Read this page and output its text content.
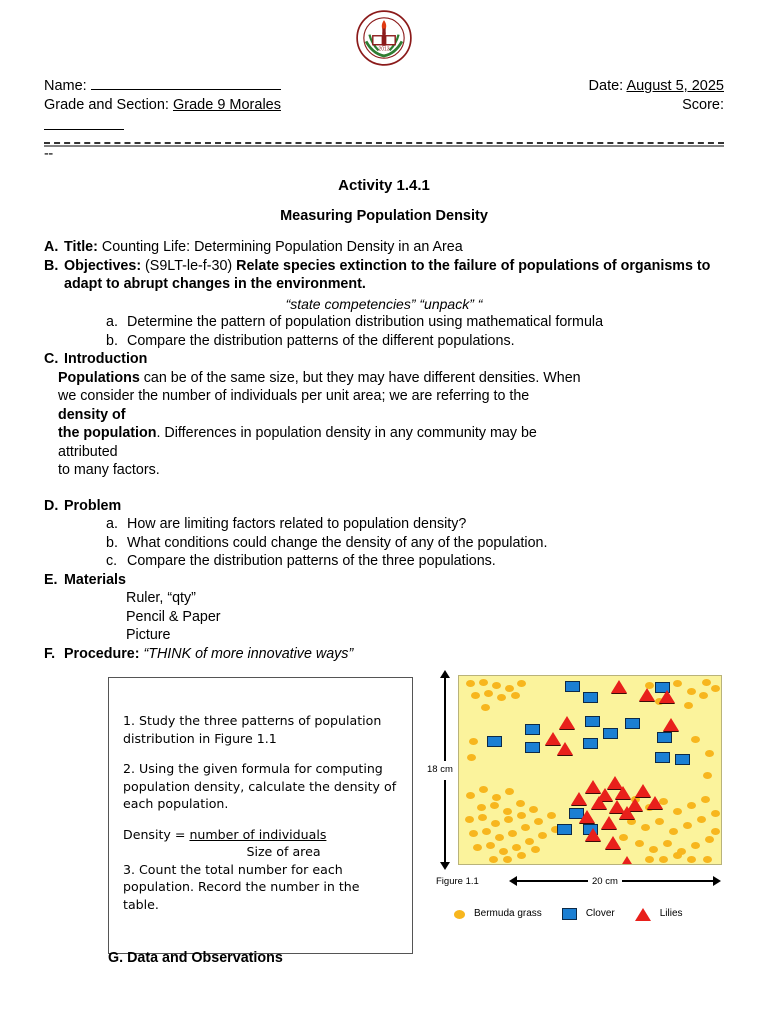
2013
Name:	Date: August 5, 2025
Grade and Section: Grade 9 Morales	Score:
--
Activity 1.4.1
Measuring Population Density
A. Title: Counting Life: Determining Population Density in an Area
B. Objectives: (S9LT-le-f-30) Relate species extinction to the failure of populations of organisms to adapt to abrupt changes in the environment.
“state competencies” “unpack” “
a. Determine the pattern of population distribution using mathematical formula
b. Compare the distribution patterns of the different populations.
C. Introduction
Populations can be of the same size, but they may have different densities. When
we consider the number of individuals per unit area; we are referring to the
density of
the population. Differences in population density in any community may be
attributed
to many factors.
D. Problem
a. How are limiting factors related to population density?
b. What conditions could change the density of any of the population.
c. Compare the distribution patterns of the three populations.
E. Materials
Ruler, “qty”
Pencil & Paper
Picture
F. Procedure: “THINK of more innovative ways”

1. Study the three patterns of population distribution in Figure 1.1

2. Using the given formula for computing population density, calculate the density of each population.

Density = number of individuals

Size of area

3. Count the total number for each population. Record the number in the table.

18 cm
20 cm
Figure 1.1
Bermuda grass	Clover	Lilies
G. Data and Observations
